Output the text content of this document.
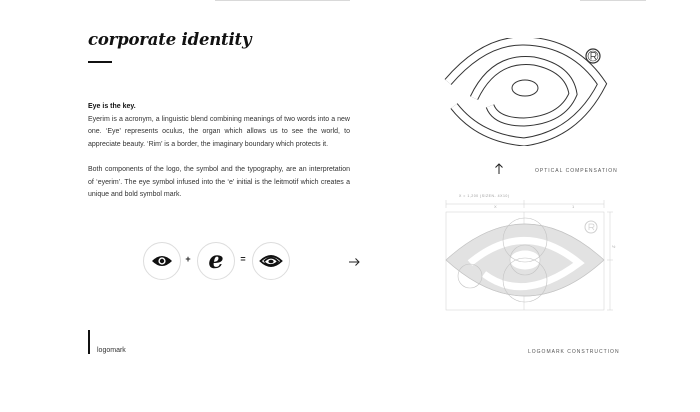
corporate identity

Eye is the key.

Eyerim is a acronym, a linguistic blend combining meanings of two words into a new one. ‘Eye’ represents oculus, the organ which allows us to see the world, to appreciate beauty. ‘Rim’ is a border, the imaginary boundary which protects it.

Both components of the logo, the symbol and the typography, are an interpretation of ‘eyerim’. The eye symbol infused into the ‘e’ initial is the leitmotif which creates a unique and bold symbol mark.

+ e =
OPTICAL COMPENSATION
X = 1,200 (SIZEN- 4X10)
X	1
½
LOGOMARK CONSTRUCTION
logomark
